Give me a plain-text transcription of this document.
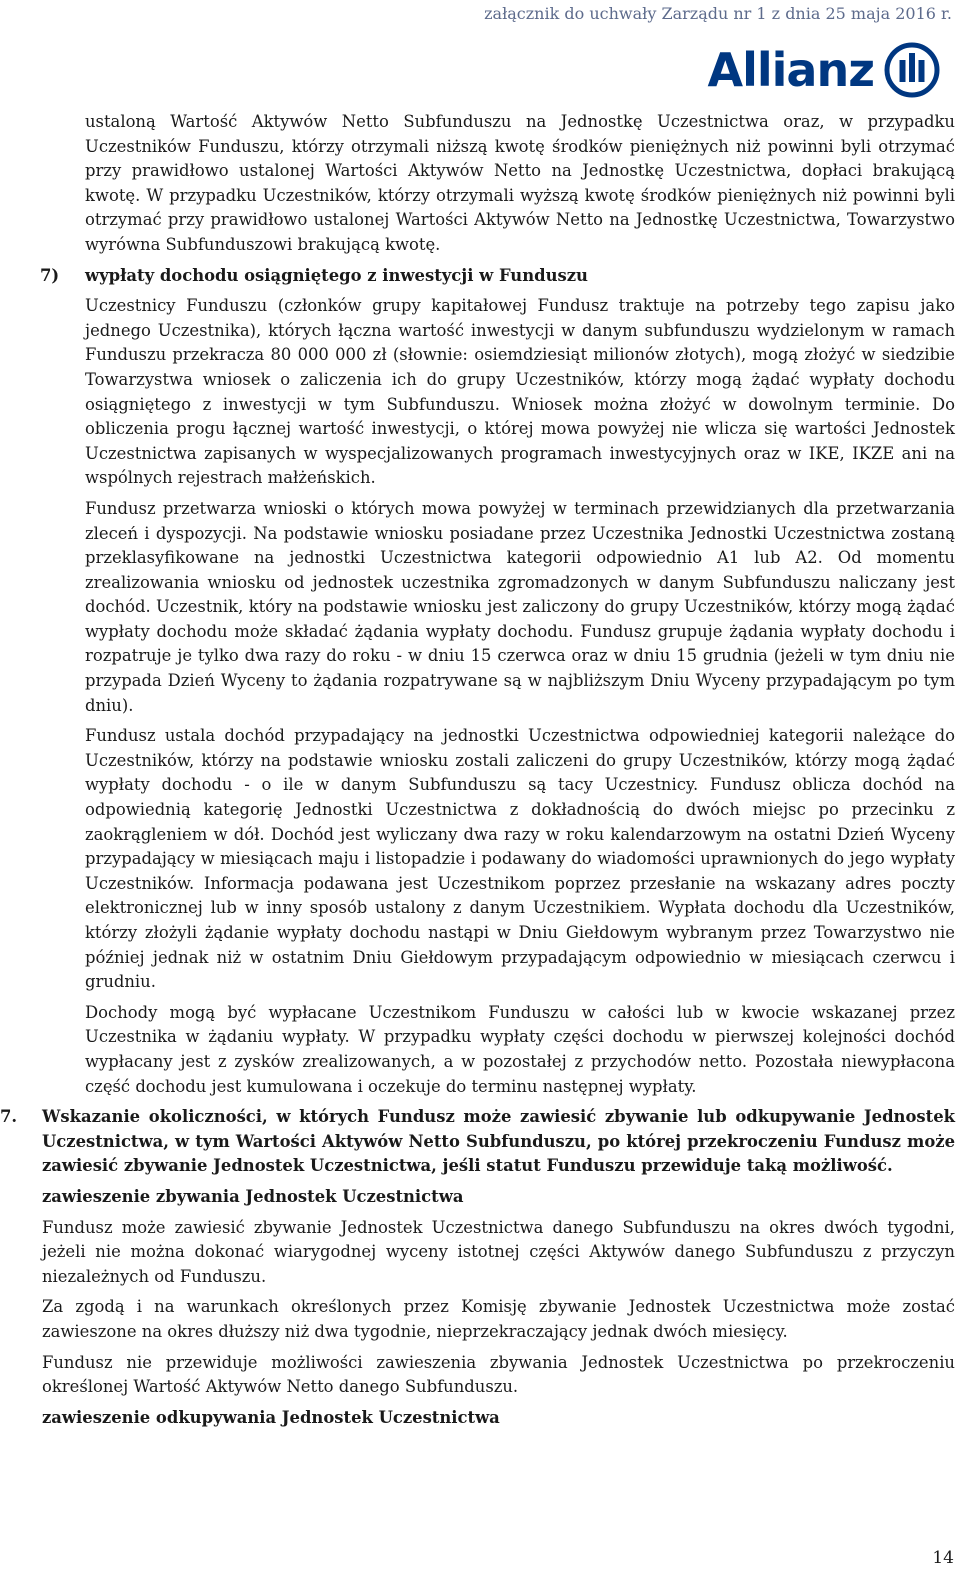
załącznik do uchwały Zarządu nr 1 z dnia 25 maja 2016 r.
Allianz

ustaloną Wartość Aktywów Netto Subfunduszu na Jednostkę Uczestnictwa oraz, w przypadku Uczestników Funduszu, którzy otrzymali niższą kwotę środków pieniężnych niż powinni byli otrzymać przy prawidłowo ustalonej Wartości Aktywów Netto na Jednostkę Uczestnictwa, dopłaci brakującą kwotę. W przypadku Uczestników, którzy otrzymali wyższą kwotę środków pieniężnych niż powinni byli otrzymać przy prawidłowo ustalonej Wartości Aktywów Netto na Jednostkę Uczestnictwa, Towarzystwo wyrówna Subfunduszowi brakującą kwotę.

7) wypłaty dochodu osiągniętego z inwestycji w Funduszu

Uczestnicy Funduszu (członków grupy kapitałowej Fundusz traktuje na potrzeby tego zapisu jako jednego Uczestnika), których łączna wartość inwestycji w danym subfunduszu wydzielonym w ramach Funduszu przekracza 80 000 000 zł (słownie: osiemdziesiąt milionów złotych), mogą złożyć w siedzibie Towarzystwa wniosek o zaliczenia ich do grupy Uczestników, którzy mogą żądać wypłaty dochodu osiągniętego z inwestycji w tym Subfunduszu. Wniosek można złożyć w dowolnym terminie. Do obliczenia progu łącznej wartość inwestycji, o której mowa powyżej nie wlicza się wartości Jednostek Uczestnictwa zapisanych w wyspecjalizowanych programach inwestycyjnych oraz w IKE, IKZE ani na wspólnych rejestrach małżeńskich.

Fundusz przetwarza wnioski o których mowa powyżej w terminach przewidzianych dla przetwarzania zleceń i dyspozycji. Na podstawie wniosku posiadane przez Uczestnika Jednostki Uczestnictwa zostaną przeklasyfikowane na jednostki Uczestnictwa kategorii odpowiednio A1 lub A2. Od momentu zrealizowania wniosku od jednostek uczestnika zgromadzonych w danym Subfunduszu naliczany jest dochód. Uczestnik, który na podstawie wniosku jest zaliczony do grupy Uczestników, którzy mogą żądać wypłaty dochodu może składać żądania wypłaty dochodu. Fundusz grupuje żądania wypłaty dochodu i rozpatruje je tylko dwa razy do roku - w dniu 15 czerwca oraz w dniu 15 grudnia (jeżeli w tym dniu nie przypada Dzień Wyceny to żądania rozpatrywane są w najbliższym Dniu Wyceny przypadającym po tym dniu).

Fundusz ustala dochód przypadający na jednostki Uczestnictwa odpowiedniej kategorii należące do Uczestników, którzy na podstawie wniosku zostali zaliczeni do grupy Uczestników, którzy mogą żądać wypłaty dochodu - o ile w danym Subfunduszu są tacy Uczestnicy. Fundusz oblicza dochód na odpowiednią kategorię Jednostki Uczestnictwa z dokładnością do dwóch miejsc po przecinku z zaokrągleniem w dół. Dochód jest wyliczany dwa razy w roku kalendarzowym na ostatni Dzień Wyceny przypadający w miesiącach maju i listopadzie i podawany do wiadomości uprawnionych do jego wypłaty Uczestników. Informacja podawana jest Uczestnikom poprzez przesłanie na wskazany adres poczty elektronicznej lub w inny sposób ustalony z danym Uczestnikiem. Wypłata dochodu dla Uczestników, którzy złożyli żądanie wypłaty dochodu nastąpi w Dniu Giełdowym wybranym przez Towarzystwo nie później jednak niż w ostatnim Dniu Giełdowym przypadającym odpowiednio w miesiącach czerwcu i grudniu.

Dochody mogą być wypłacane Uczestnikom Funduszu w całości lub w kwocie wskazanej przez Uczestnika w żądaniu wypłaty. W przypadku wypłaty części dochodu w pierwszej kolejności dochód wypłacany jest z zysków zrealizowanych, a w pozostałej z przychodów netto. Pozostała niewypłacona część dochodu jest kumulowana i oczekuje do terminu następnej wypłaty.

7. Wskazanie okoliczności, w których Fundusz może zawiesić zbywanie lub odkupywanie Jednostek Uczestnictwa, w tym Wartości Aktywów Netto Subfunduszu, po której przekroczeniu Fundusz może zawiesić zbywanie Jednostek Uczestnictwa, jeśli statut Funduszu przewiduje taką możliwość.
zawieszenie zbywania Jednostek Uczestnictwa

Fundusz może zawiesić zbywanie Jednostek Uczestnictwa danego Subfunduszu na okres dwóch tygodni, jeżeli nie można dokonać wiarygodnej wyceny istotnej części Aktywów danego Subfunduszu z przyczyn niezależnych od Funduszu.

Za zgodą i na warunkach określonych przez Komisję zbywanie Jednostek Uczestnictwa może zostać zawieszone na okres dłuższy niż dwa tygodnie, nieprzekraczający jednak dwóch miesięcy.

Fundusz nie przewiduje możliwości zawieszenia zbywania Jednostek Uczestnictwa po przekroczeniu określonej Wartość Aktywów Netto danego Subfunduszu.

zawieszenie odkupywania Jednostek Uczestnictwa
14
